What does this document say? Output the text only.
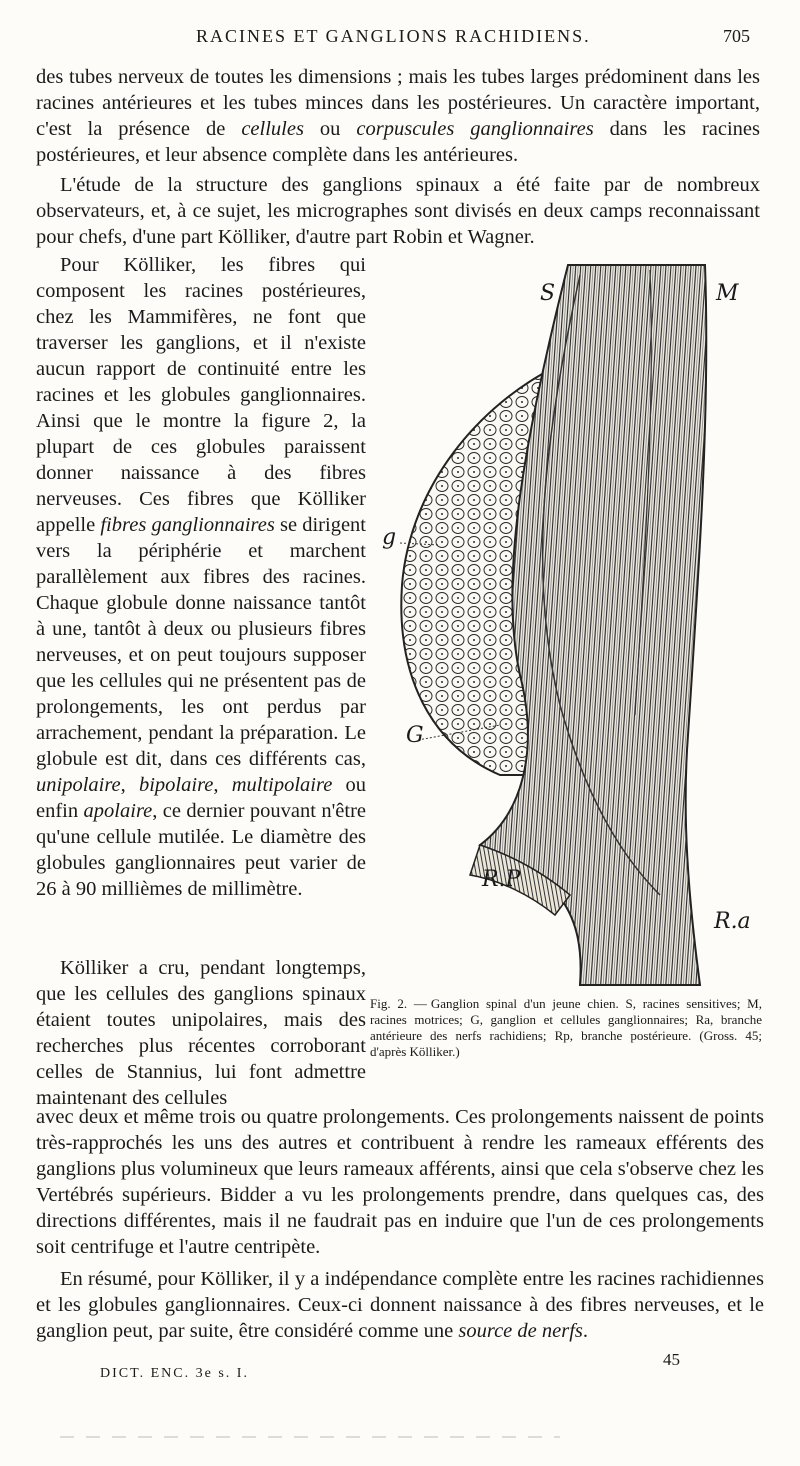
RACINES ET GANGLIONS RACHIDIENS.	705

des tubes nerveux de toutes les dimensions ; mais les tubes larges prédominent dans les racines antérieures et les tubes minces dans les postérieures. Un caractère important, c'est la présence de cellules ou corpuscules ganglionnaires dans les racines postérieures, et leur absence complète dans les antérieures.

L'étude de la structure des ganglions spinaux a été faite par de nombreux observateurs, et, à ce sujet, les micrographes sont divisés en deux camps reconnaissant pour chefs, d'une part Kölliker, d'autre part Robin et Wagner.

Pour Kölliker, les fibres qui composent les racines postérieures, chez les Mammifères, ne font que traverser les ganglions, et il n'existe aucun rapport de continuité entre les racines et les globules ganglionnaires. Ainsi que le montre la figure 2, la plupart de ces globules paraissent donner naissance à des fibres nerveuses. Ces fibres que Kölliker appelle fibres ganglionnaires se dirigent vers la périphérie et marchent parallèlement aux fibres des racines. Chaque globule donne naissance tantôt à une, tantôt à deux ou plusieurs fibres nerveuses, et on peut toujours supposer que les cellules qui ne présentent pas de prolongements, les ont perdus par arrachement, pendant la préparation. Le globule est dit, dans ces différents cas, unipolaire, bipolaire, multipolaire ou enfin apolaire, ce dernier pouvant n'être qu'une cellule mutilée. Le diamètre des globules ganglionnaires peut varier de 26 à 90 millièmes de millimètre.

Kölliker a cru, pendant longtemps, que les cellules des ganglions spinaux étaient toutes unipolaires, mais des recherches plus récentes corroborant celles de Stannius, lui font admettre maintenant des cellules

avec deux et même trois ou quatre prolongements. Ces prolongements naissent de points très-rapprochés les uns des autres et contribuent à rendre les rameaux efférents des ganglions plus volumineux que leurs rameaux afférents, ainsi que cela s'observe chez les Vertébrés supérieurs. Bidder a vu les prolongements prendre, dans quelques cas, des directions différentes, mais il ne faudrait pas en induire que l'un de ces prolongements soit centrifuge et l'autre centripète.

En résumé, pour Kölliker, il y a indépendance complète entre les racines rachidiennes et les globules ganglionnaires. Ceux-ci donnent naissance à des fibres nerveuses, et le ganglion peut, par suite, être considéré comme une source de nerfs.

S	M
g
G
R.P
R.a
Fig. 2. — Ganglion spinal d'un jeune chien. S, racines sensitives; M, racines motrices; G, ganglion et cellules ganglionnaires; Ra, branche antérieure des nerfs rachidiens; Rp, branche postérieure. (Gross. 45; d'après Kölliker.)
DICT. ENC. 3e s. I.
45
